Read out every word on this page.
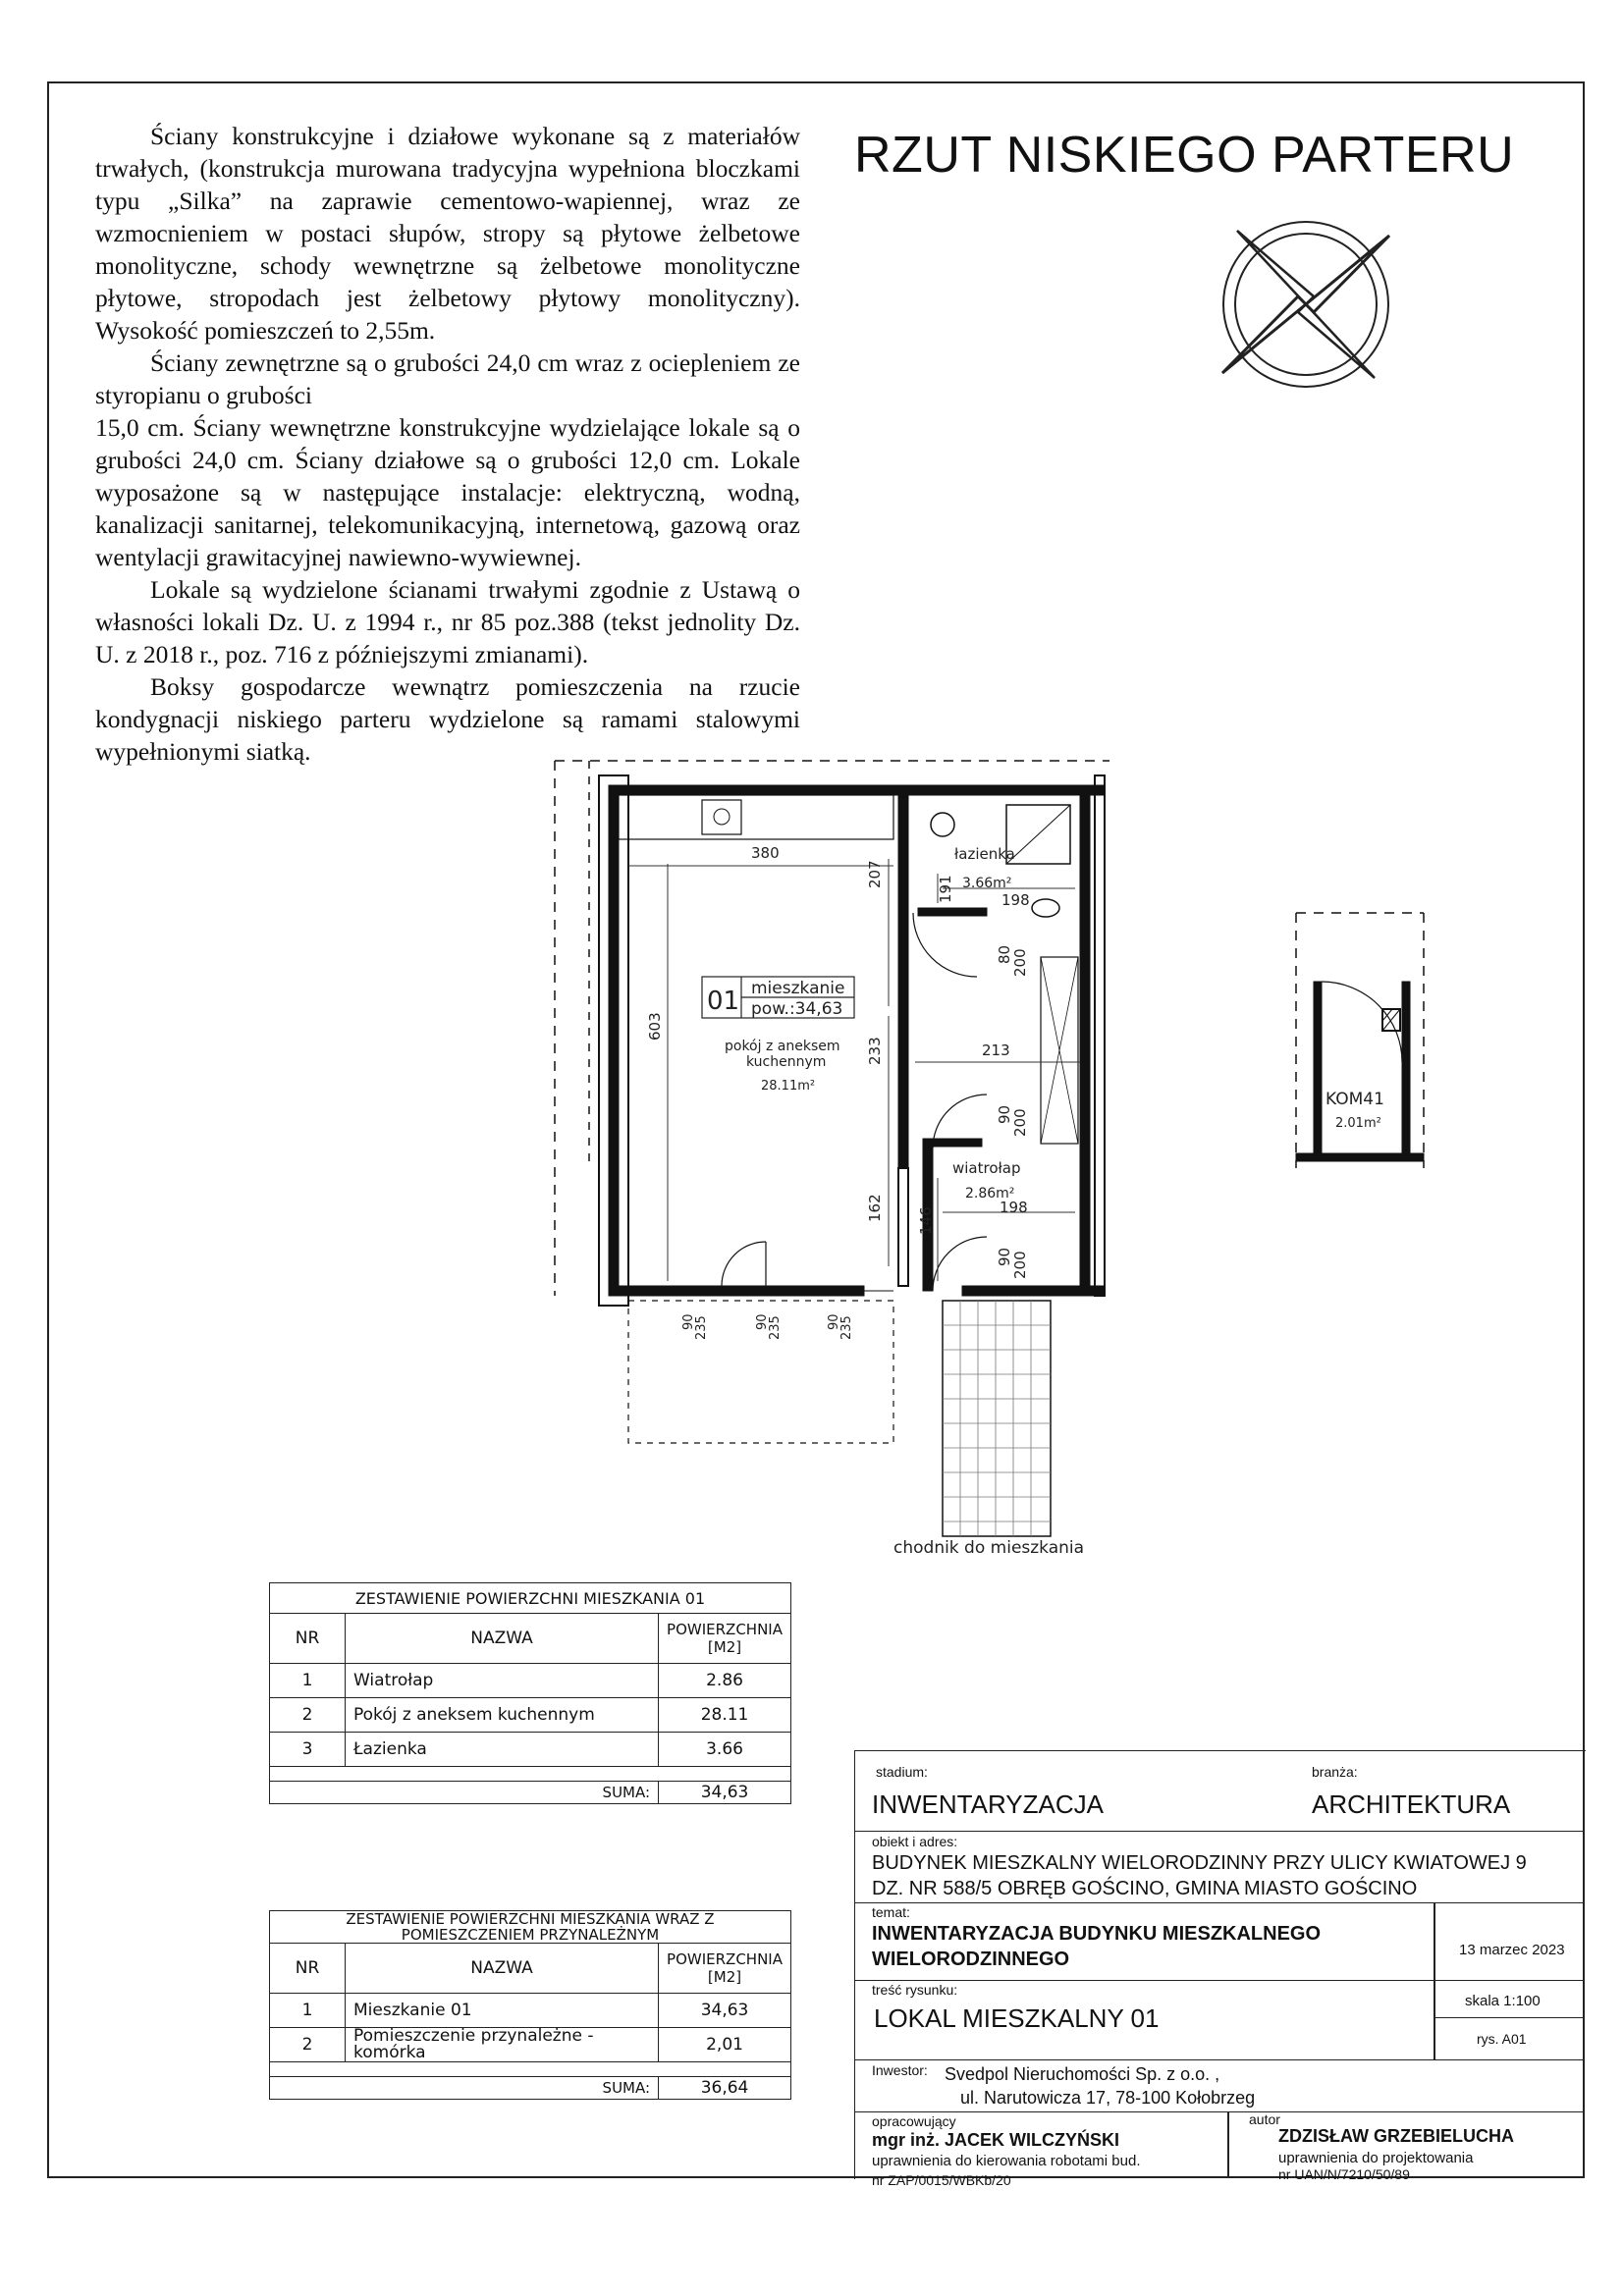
Ściany konstrukcyjne i działowe wykonane są z materiałów trwałych, (konstrukcja murowana tradycyjna wypełniona bloczkami typu „Silka” na zaprawie cementowo-wapiennej, wraz ze wzmocnieniem w postaci słupów, stropy są płytowe żelbetowe monolityczne, schody wewnętrzne są żelbetowe monolityczne płytowe, stropodach jest żelbetowy płytowy monolityczny). Wysokość pomieszczeń to 2,55m.

Ściany zewnętrzne są o grubości 24,0 cm wraz z ociepleniem ze styropianu o grubości

15,0 cm. Ściany wewnętrzne konstrukcyjne wydzielające lokale są o grubości 24,0 cm. Ściany działowe są o grubości 12,0 cm. Lokale wyposażone są w następujące instalacje: elektryczną, wodną, kanalizacji sanitarnej, telekomunikacyjną, internetową, gazową oraz wentylacji grawitacyjnej nawiewno-wywiewnej.

Lokale są wydzielone ścianami trwałymi zgodnie z Ustawą o własności lokali Dz. U. z 1994 r., nr 85 poz.388 (tekst jednolity Dz. U. z 2018 r., poz. 716 z późniejszymi zmianami).

Boksy gospodarcze wewnątrz pomieszczenia na rzucie kondygnacji niskiego parteru wydzielone są ramami stalowymi wypełnionymi siatką.

RZUT NISKIEGO PARTERU
380
207
191	198
603
233	213
162 146	198
80
200
90
200
90
200
90
235	90
235	90
235
01 mieszkanie
pow.:34,63
pokój z aneksem
kuchennym
28.11m²
łazienka
3.66m²
wiatrołap
2.86m²
chodnik do mieszkania
KOM41
2.01m²
ZESTAWIENIE POWIERZCHNI MIESZKANIA 01		
NR	NAZWA	POWIERZCHNIA
[M2]
1	Wiatrołap	2.86
2	Pokój z aneksem kuchennym	28.11
3	Łazienka	3.66

SUMA:		34,63
ZESTAWIENIE POWIERZCHNI MIESZKANIA WRAZ Z
POMIESZCZENIEM PRZYNALEŻNYM		
NR	NAZWA	POWIERZCHNIA
[M2]
1	Mieszkanie 01	34,63
2	Pomieszczenie przynależne -
komórka	2,01

SUMA:		36,64
stadium:
INWENTARYZACJA
branża:
ARCHITEKTURA
obiekt i adres:
BUDYNEK MIESZKALNY WIELORODZINNY PRZY ULICY KWIATOWEJ 9
DZ. NR 588/5 OBRĘB GOŚCINO, GMINA MIASTO GOŚCINO
temat:
INWENTARYZACJA BUDYNKU MIESZKALNEGO
WIELORODZINNEGO	13 marzec 2023
treść rysunku:
LOKAL MIESZKALNY 01
skala 1:100
rys. A01
Inwestor: Svedpol Nieruchomości Sp. z o.o. ,
ul. Narutowicza 17, 78-100 Kołobrzeg
opracowujący
mgr inż. JACEK WILCZYŃSKI
uprawnienia do kierowania robotami bud.
nr ZAP/0015/WBKb/20
autor
ZDZISŁAW GRZEBIELUCHA
uprawnienia do projektowania
nr UAN/N/7210/50/89
